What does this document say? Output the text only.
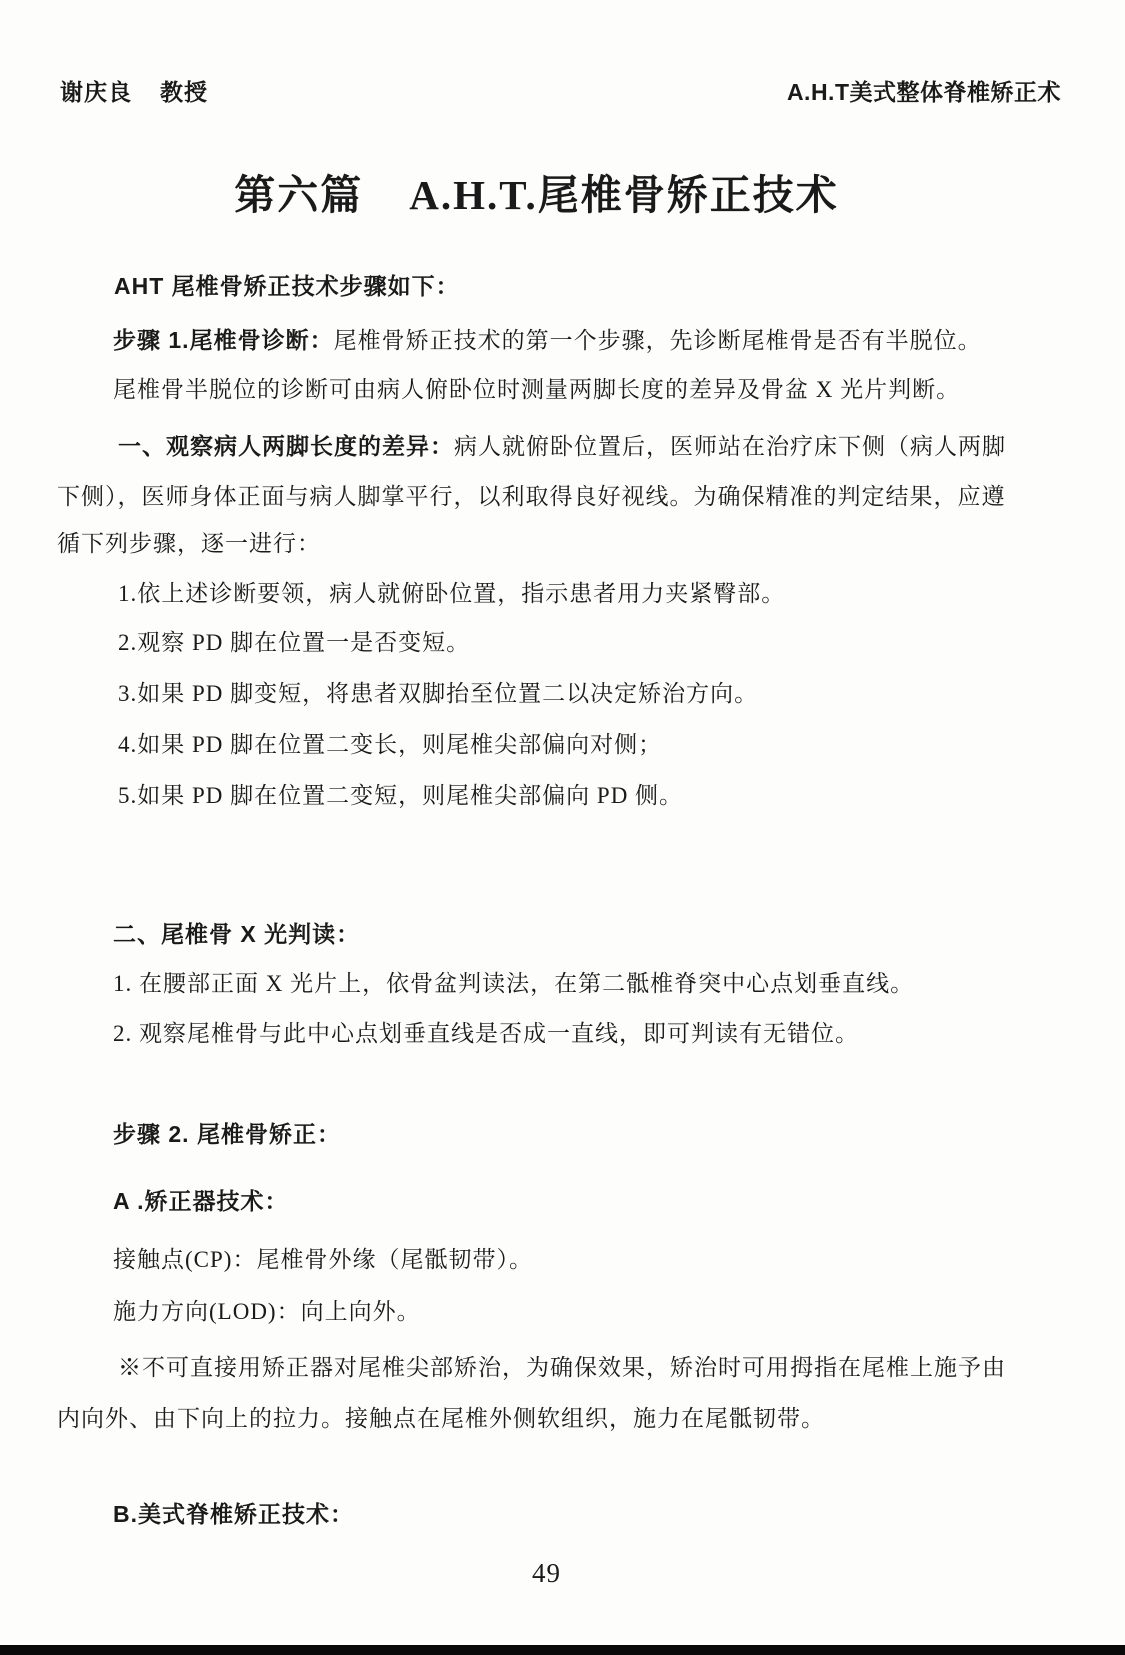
谢庆良 教授	A.H.T美式整体脊椎矫正术
第六篇 A.H.T.尾椎骨矫正技术
AHT 尾椎骨矫正技术步骤如下：
步骤 1.尾椎骨诊断：尾椎骨矫正技术的第一个步骤，先诊断尾椎骨是否有半脱位。
尾椎骨半脱位的诊断可由病人俯卧位时测量两脚长度的差异及骨盆 X 光片判断。
一、观察病人两脚长度的差异：病人就俯卧位置后，医师站在治疗床下侧（病人两脚
下侧），医师身体正面与病人脚掌平行，以利取得良好视线。为确保精准的判定结果，应遵
循下列步骤，逐一进行：
1.依上述诊断要领，病人就俯卧位置，指示患者用力夹紧臀部。
2.观察 PD 脚在位置一是否变短。
3.如果 PD 脚变短，将患者双脚抬至位置二以决定矫治方向。
4.如果 PD 脚在位置二变长，则尾椎尖部偏向对侧；
5.如果 PD 脚在位置二变短，则尾椎尖部偏向 PD 侧。
二、尾椎骨 X 光判读：
1. 在腰部正面 X 光片上，依骨盆判读法，在第二骶椎脊突中心点划垂直线。
2. 观察尾椎骨与此中心点划垂直线是否成一直线，即可判读有无错位。
步骤 2. 尾椎骨矫正：
A .矫正器技术：
接触点(CP)：尾椎骨外缘（尾骶韧带）。
施力方向(LOD)：向上向外。
※不可直接用矫正器对尾椎尖部矫治，为确保效果，矫治时可用拇指在尾椎上施予由
内向外、由下向上的拉力。接触点在尾椎外侧软组织，施力在尾骶韧带。
B.美式脊椎矫正技术：
49
